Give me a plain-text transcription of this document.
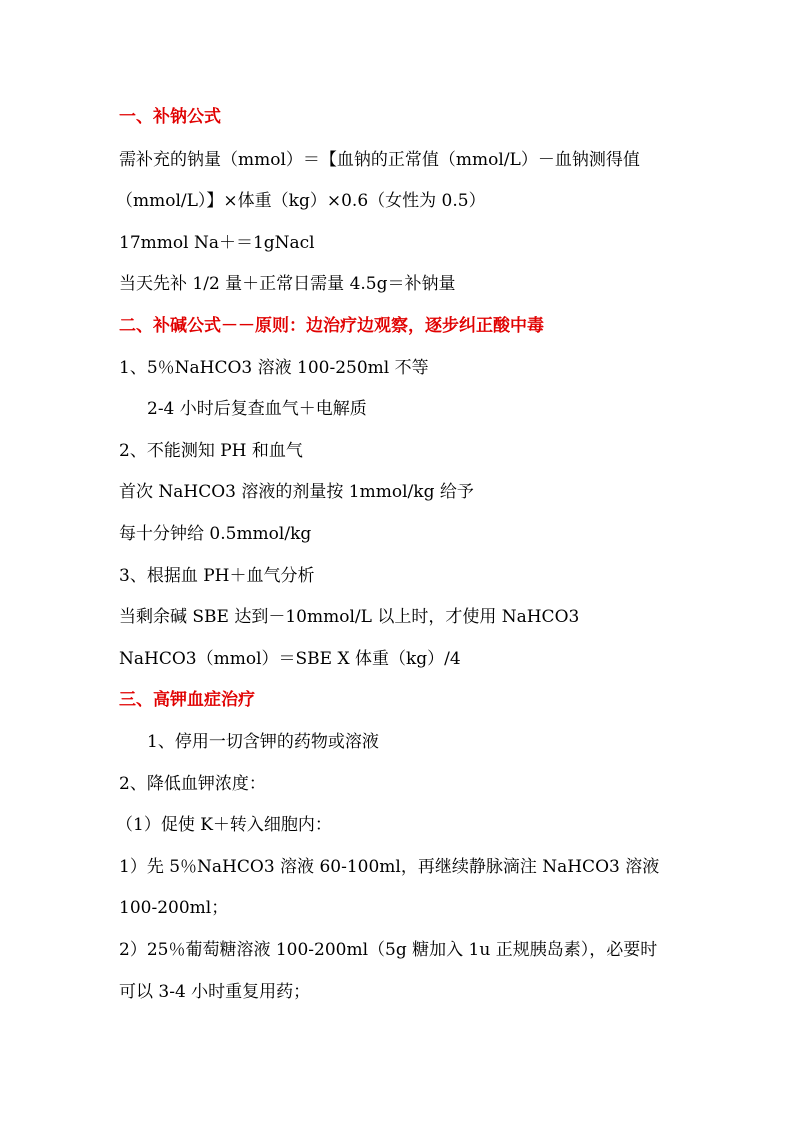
一、补钠公式
需补充的钠量（mmol）＝【血钠的正常值（mmol/L）－血钠测得值
（mmol/L）】×体重（kg）×0.6（女性为 0.5）
17mmol Na＋＝1gNacl
当天先补 1/2 量＋正常日需量 4.5g＝补钠量
二、补碱公式－－原则：边治疗边观察，逐步纠正酸中毒
1、5％NaHCO3 溶液 100-250ml 不等
2-4 小时后复查血气＋电解质
2、不能测知 PH 和血气
首次 NaHCO3 溶液的剂量按 1mmol/kg 给予
每十分钟给 0.5mmol/kg
3、根据血 PH＋血气分析
当剩余碱 SBE 达到－10mmol/L 以上时，才使用 NaHCO3
NaHCO3（mmol）＝SBE X 体重（kg）/4
三、高钾血症治疗
1、停用一切含钾的药物或溶液
2、降低血钾浓度：
（1）促使 K＋转入细胞内：
1）先 5％NaHCO3 溶液 60-100ml，再继续静脉滴注 NaHCO3 溶液
100-200ml；
2）25％葡萄糖溶液 100-200ml（5g 糖加入 1u 正规胰岛素），必要时
可以 3-4 小时重复用药；
